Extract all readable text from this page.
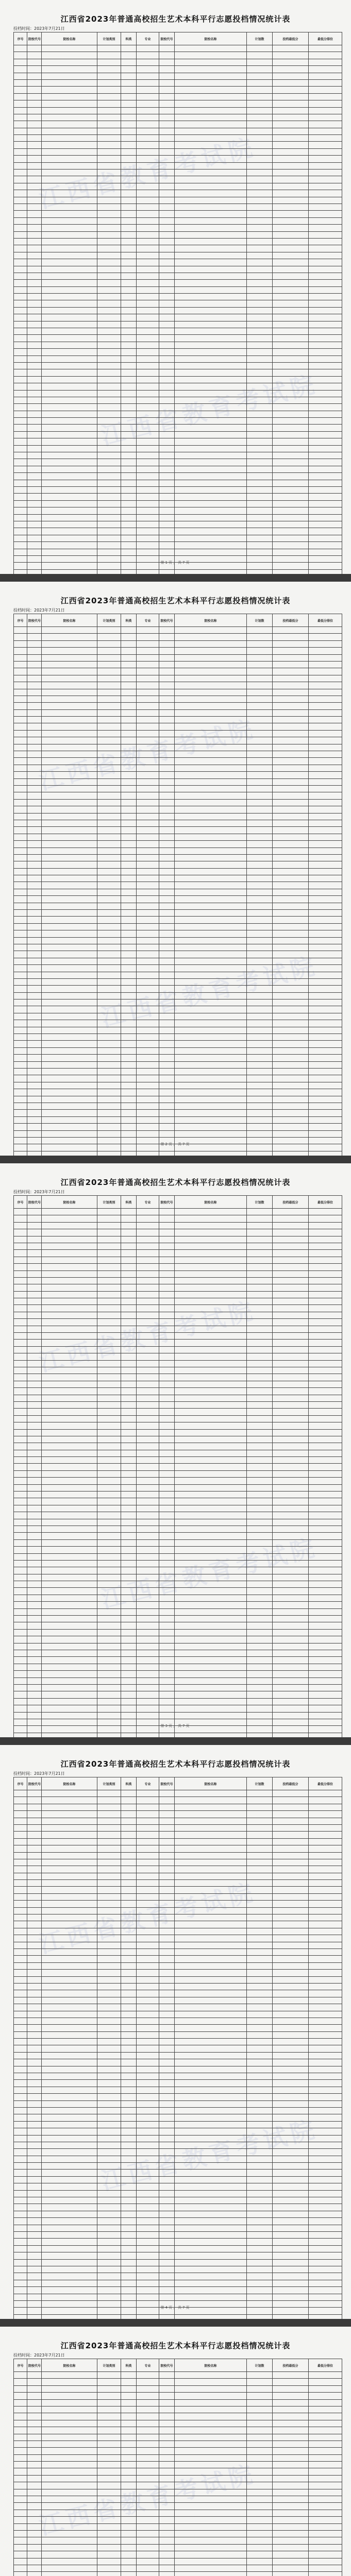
江西省教育考试院
江西省教育考试院
江西省2023年普通高校招生艺术本科平行志愿投档情况统计表
投档时间：2023年7月21日
序号	院校代号	院校名称	计划类别	科类	专业	院校代号	院校名称	计划数	投档最低分	最低分排位

第1页，共7页
江西省教育考试院
江西省教育考试院
江西省2023年普通高校招生艺术本科平行志愿投档情况统计表
投档时间：2023年7月21日
序号	院校代号	院校名称	计划类别	科类	专业	院校代号	院校名称	计划数	投档最低分	最低分排位

第2页，共7页
江西省教育考试院
江西省教育考试院
江西省2023年普通高校招生艺术本科平行志愿投档情况统计表
投档时间：2023年7月21日
序号	院校代号	院校名称	计划类别	科类	专业	院校代号	院校名称	计划数	投档最低分	最低分排位

第3页，共7页
江西省教育考试院
江西省教育考试院
江西省2023年普通高校招生艺术本科平行志愿投档情况统计表
投档时间：2023年7月21日
序号	院校代号	院校名称	计划类别	科类	专业	院校代号	院校名称	计划数	投档最低分	最低分排位

第4页，共7页
江西省教育考试院
江西省2023年普通高校招生艺术本科平行志愿投档情况统计表
投档时间：2023年7月21日
序号	院校代号	院校名称	计划类别	科类	专业	院校代号	院校名称	计划数	投档最低分	最低分排位
